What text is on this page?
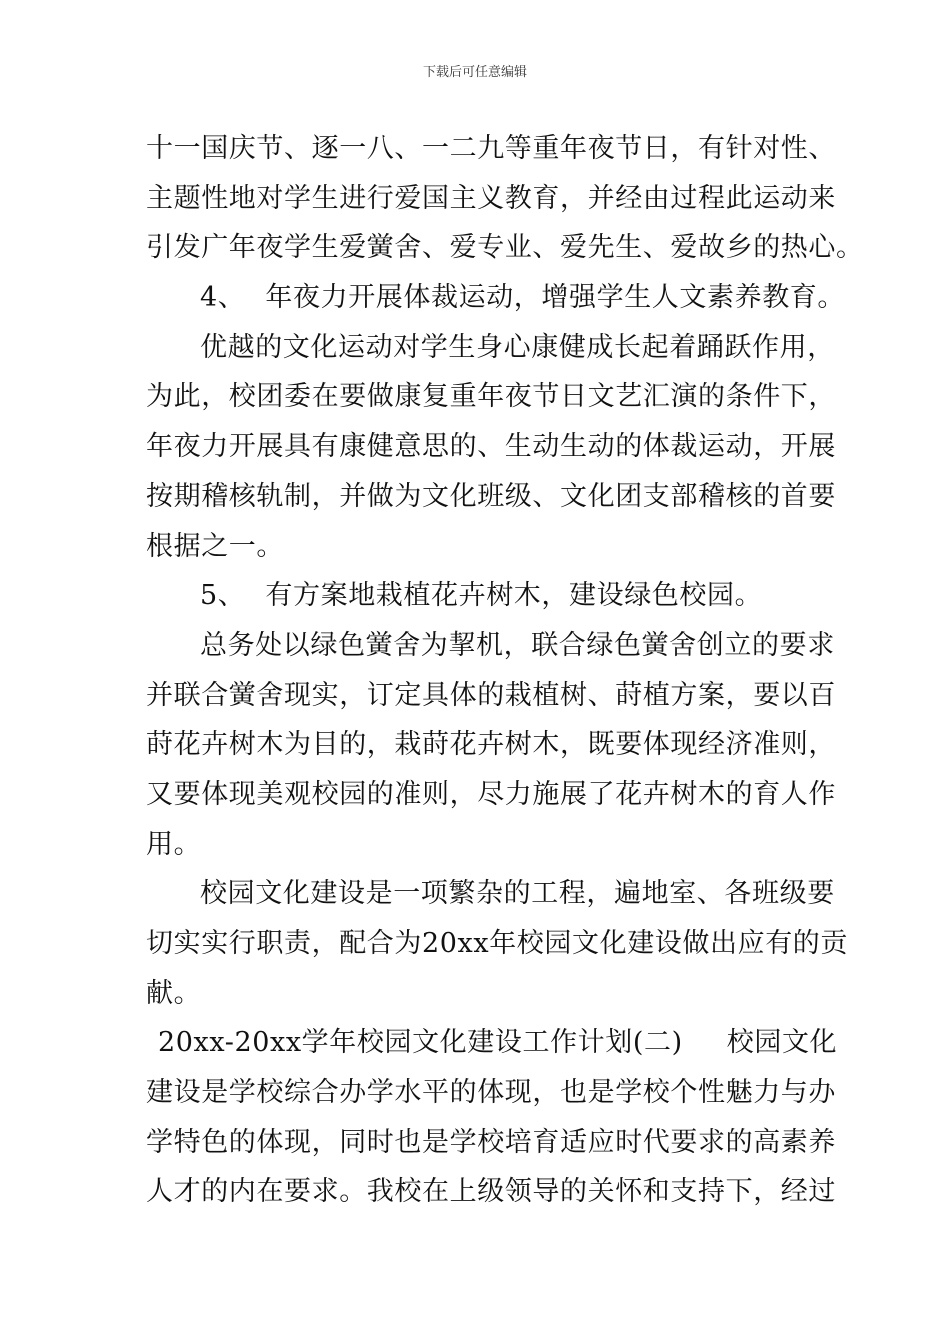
下载后可任意编辑
十一国庆节、逐一八、一二九等重年夜节日，有针对性、
主题性地对学生进行爱国主义教育，并经由过程此运动来
引发广年夜学生爱黉舍、爱专业、爱先生、爱故乡的热心。
4、 年夜力开展体裁运动，增强学生人文素养教育。
优越的文化运动对学生身心康健成长起着踊跃作用，
为此，校团委在要做康复重年夜节日文艺汇演的条件下，
年夜力开展具有康健意思的、生动生动的体裁运动，开展
按期稽核轨制，并做为文化班级、文化团支部稽核的首要
根据之一。
5、 有方案地栽植花卉树木，建设绿色校园。
总务处以绿色黉舍为挈机，联合绿色黉舍创立的要求
并联合黉舍现实，订定具体的栽植树、莳植方案，要以百
莳花卉树木为目的，栽莳花卉树木，既要体现经济准则，
又要体现美观校园的准则，尽力施展了花卉树木的育人作
用。
校园文化建设是一项繁杂的工程，遍地室、各班级要
切实实行职责，配合为20xx年校园文化建设做出应有的贡
献。
20xx-20xx学年校园文化建设工作计划(二) 校园文化
建设是学校综合办学水平的体现，也是学校个性魅力与办
学特色的体现，同时也是学校培育适应时代要求的高素养
人才的内在要求。我校在上级领导的关怀和支持下，经过
